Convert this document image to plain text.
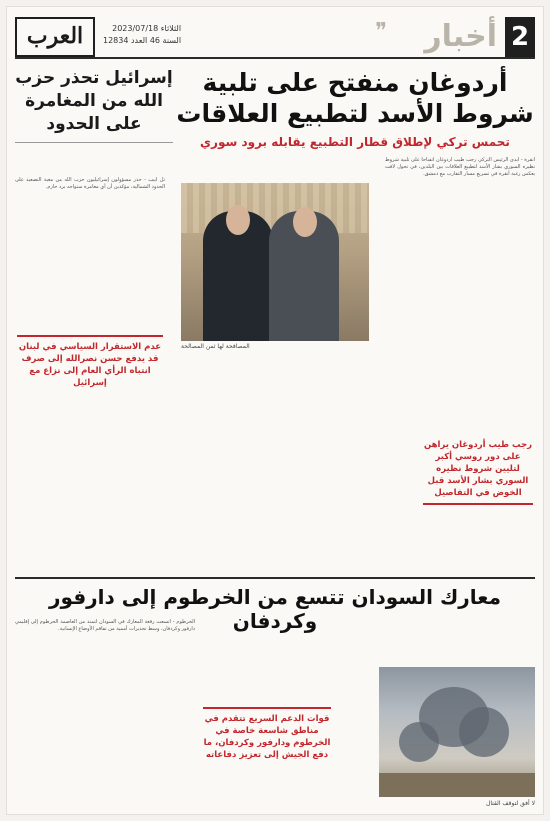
2
أخبار
❞
العرب	الثلاثاء 2023/07/18
السنة 46 العدد 12834
أردوغان منفتح على تلبية شروط الأسد لتطبيع العلاقات
تحمس تركي لإطلاق قطار التطبيع يقابله برود سوري
إسرائيل تحذر حزب الله من المغامرة على الحدود
أنقرة - أبدى الرئيس التركي رجب طيب أردوغان انفتاحا على تلبية شروط نظيره السوري بشار الأسد لتطبيع العلاقات بين البلدين، في تحول لافت يعكس رغبة أنقرة في تسريع مسار التقارب مع دمشق.
تل أبيب - حذر مسؤولون إسرائيليون حزب الله من مغبة التصعيد على الحدود الشمالية، مؤكدين أن أي مغامرة ستواجه برد حازم.
المصافحة لها ثمن المصالحة
رجب طيب أردوغان يراهن على دور روسي أكبر لتليين شروط نظيره السوري بشار الأسد قبل الخوض في التفاصيل
عدم الاستقرار السياسي في لبنان قد يدفع حسن نصرالله إلى صرف انتباه الرأي العام إلى نزاع مع إسرائيل
معارك السودان تتسع من الخرطوم إلى دارفور وكردفان
الخرطوم - اتسعت رقعة المعارك في السودان لتمتد من العاصمة الخرطوم إلى إقليمي دارفور وكردفان، وسط تحذيرات أممية من تفاقم الأوضاع الإنسانية.
قوات الدعم السريع تتقدم في مناطق شاسعة خاصة في الخرطوم ودارفور وكردفان، ما دفع الجيش إلى تعزيز دفاعاته
لا أفق لتوقف القتال
